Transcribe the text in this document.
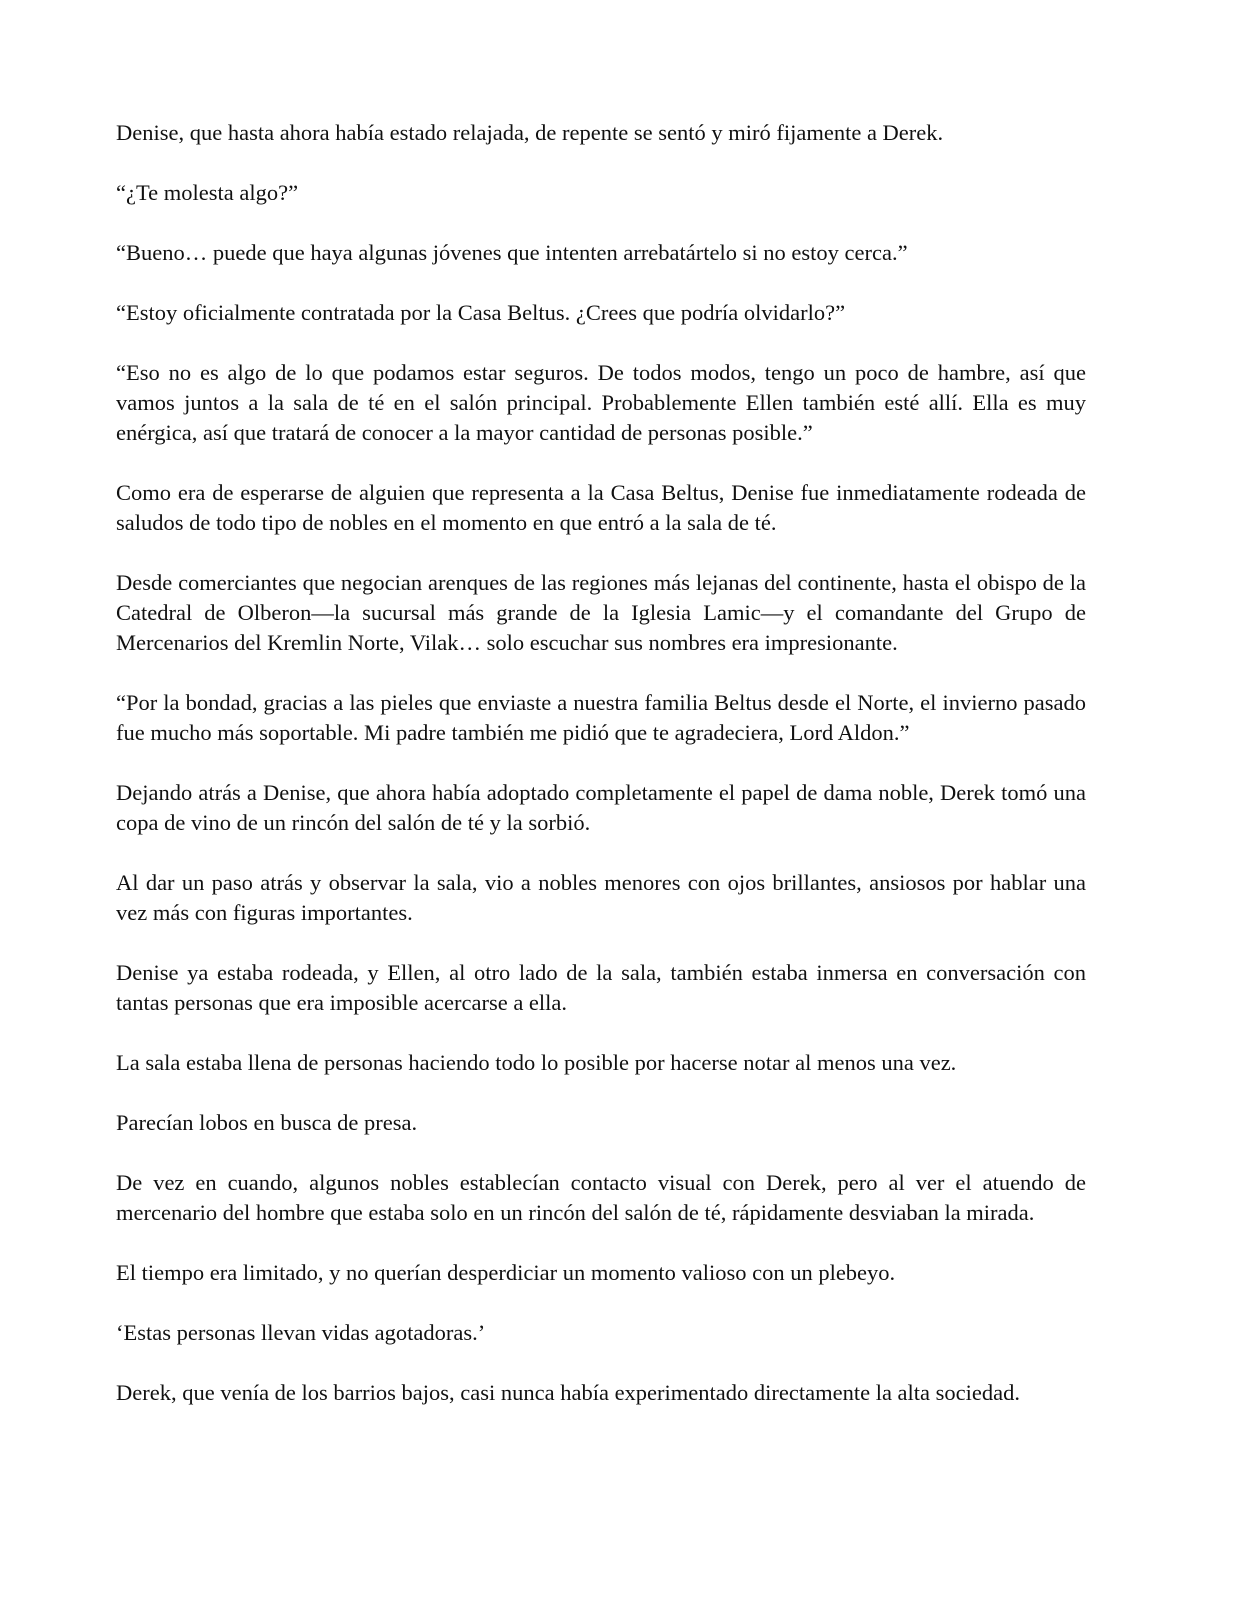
Denise, que hasta ahora había estado relajada, de repente se sentó y miró fijamente a Derek.

“¿Te molesta algo?”

“Bueno… puede que haya algunas jóvenes que intenten arrebatártelo si no estoy cerca.”

“Estoy oficialmente contratada por la Casa Beltus. ¿Crees que podría olvidarlo?”

“Eso no es algo de lo que podamos estar seguros. De todos modos, tengo un poco de hambre, así que vamos juntos a la sala de té en el salón principal. Probablemente Ellen también esté allí. Ella es muy enérgica, así que tratará de conocer a la mayor cantidad de personas posible.”

Como era de esperarse de alguien que representa a la Casa Beltus, Denise fue inmediatamente rodeada de saludos de todo tipo de nobles en el momento en que entró a la sala de té.

Desde comerciantes que negocian arenques de las regiones más lejanas del continente, hasta el obispo de la Catedral de Olberon—la sucursal más grande de la Iglesia Lamic—y el comandante del Grupo de Mercenarios del Kremlin Norte, Vilak… solo escuchar sus nombres era impresionante.

“Por la bondad, gracias a las pieles que enviaste a nuestra familia Beltus desde el Norte, el invierno pasado fue mucho más soportable. Mi padre también me pidió que te agradeciera, Lord Aldon.”

Dejando atrás a Denise, que ahora había adoptado completamente el papel de dama noble, Derek tomó una copa de vino de un rincón del salón de té y la sorbió.

Al dar un paso atrás y observar la sala, vio a nobles menores con ojos brillantes, ansiosos por hablar una vez más con figuras importantes.

Denise ya estaba rodeada, y Ellen, al otro lado de la sala, también estaba inmersa en conversación con tantas personas que era imposible acercarse a ella.

La sala estaba llena de personas haciendo todo lo posible por hacerse notar al menos una vez.

Parecían lobos en busca de presa.

De vez en cuando, algunos nobles establecían contacto visual con Derek, pero al ver el atuendo de mercenario del hombre que estaba solo en un rincón del salón de té, rápidamente desviaban la mirada.

El tiempo era limitado, y no querían desperdiciar un momento valioso con un plebeyo.

‘Estas personas llevan vidas agotadoras.’

Derek, que venía de los barrios bajos, casi nunca había experimentado directamente la alta sociedad.
